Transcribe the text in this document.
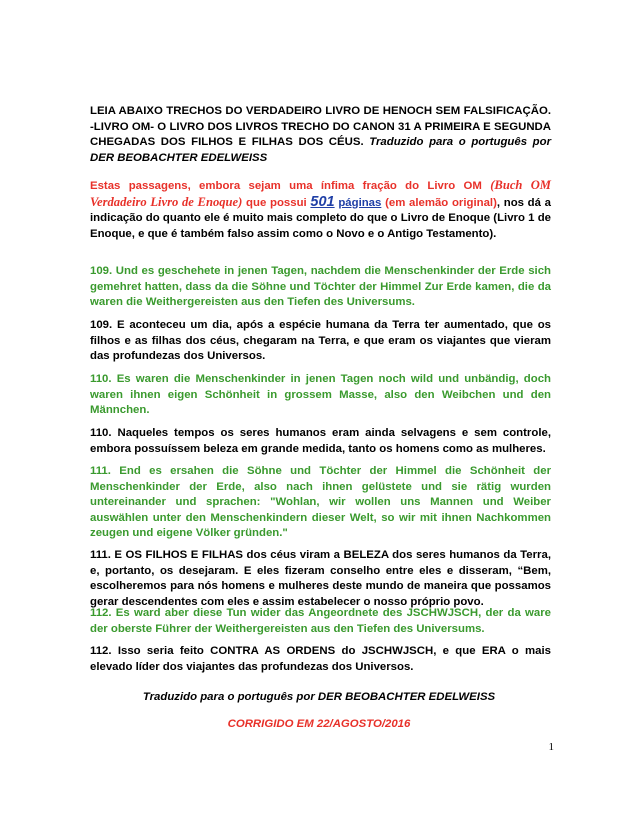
LEIA ABAIXO TRECHOS DO VERDADEIRO LIVRO DE HENOCH SEM FALSIFICAÇÃO. -LIVRO OM- O LIVRO DOS LIVROS TRECHO DO CANON 31 A PRIMEIRA E SEGUNDA CHEGADAS DOS FILHOS E FILHAS DOS CÉUS. Traduzido para o português por DER BEOBACHTER EDELWEISS

Estas passagens, embora sejam uma ínfima fração do Livro OM (Buch OM Verdadeiro Livro de Enoque) que possui 501 páginas (em alemão original), nos dá a indicação do quanto ele é muito mais completo do que o Livro de Enoque (Livro 1 de Enoque, e que é também falso assim como o Novo e o Antigo Testamento).

109. Und es geschehete in jenen Tagen, nachdem die Menschenkinder der Erde sich gemehret hatten, dass da die Söhne und Töchter der Himmel Zur Erde kamen, die da waren die Weithergereisten aus den Tiefen des Universums.

109. E aconteceu um dia, após a espécie humana da Terra ter aumentado, que os filhos e as filhas dos céus, chegaram na Terra, e que eram os viajantes que vieram das profundezas dos Universos.

110. Es waren die Menschenkinder in jenen Tagen noch wild und unbändig, doch waren ihnen eigen Schönheit in grossem Masse, also den Weibchen und den Männchen.

110. Naqueles tempos os seres humanos eram ainda selvagens e sem controle, embora possuíssem beleza em grande medida, tanto os homens como as mulheres.

111. End es ersahen die Söhne und Töchter der Himmel die Schönheit der Menschenkinder der Erde, also nach ihnen gelüstete und sie rätig wurden untereinander und sprachen: "Wohlan, wir wollen uns Mannen und Weiber auswählen unter den Menschenkindern dieser Welt, so wir mit ihnen Nachkommen zeugen und eigene Völker gründen."

111. E OS FILHOS E FILHAS dos céus viram a BELEZA dos seres humanos da Terra, e, portanto, os desejaram. E eles fizeram conselho entre eles e disseram, “Bem, escolheremos para nós homens e mulheres deste mundo de maneira que possamos gerar descendentes com eles e assim estabelecer o nosso próprio povo.

112. Es ward aber diese Tun wider das Angeordnete des JSCHWJSCH, der da ware der oberste Führer der Weithergereisten aus den Tiefen des Universums.

112. Isso seria feito CONTRA AS ORDENS do JSCHWJSCH, e que ERA o mais elevado líder dos viajantes das profundezas dos Universos.

Traduzido para o português por DER BEOBACHTER EDELWEISS

CORRIGIDO EM 22/AGOSTO/2016

1
